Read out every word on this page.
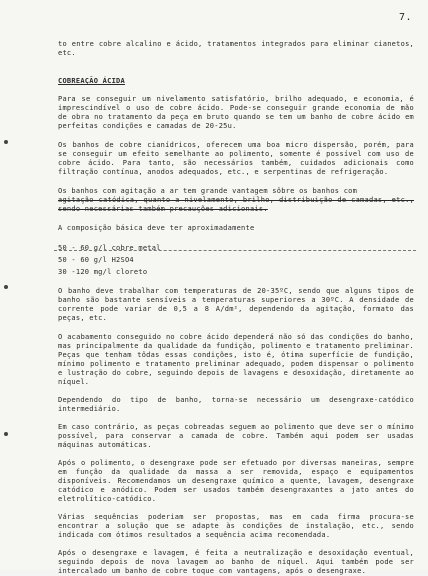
7.

to entre cobre alcalino e ácido, tratamentos integrados para eliminar cianetos, etc.

COBREAÇÃO ÁCIDA

Para se conseguir um nivelamento satisfatório, brilho adequado, e economia, é imprescindível o uso de cobre ácido. Pode-se conseguir grande economia de mão de obra no tratamento da peça em bruto quando se tem um banho de cobre ácido em perfeitas condições e camadas de 20-25u.

Os banhos de cobre cianídricos, oferecem uma boa micro dispersão, porém, para se conseguir um efeito semelhante ao polimento, somente é possível com uso de cobre ácido. Para tanto, são necessários também, cuidados adicionais como filtração contínua, anodos adequados, etc., e serpentinas de refrigeração.

Os banhos com agitação a ar tem grande vantagem sôbre os banhos com

agitação catódica, quanto a nivelamento, brilho, distribuição de camadas, etc., sendo necessárias também precauções adicionais.

A composição básica deve ter aproximadamente

50 - 60 g/l cobre metal

50 - 60 g/l H2SO4

30 -120 mg/l cloreto

O banho deve trabalhar com temperaturas de 20-35ºC, sendo que alguns tipos de banho são bastante sensíveis a temperaturas superiores a 30ºC. A densidade de corrente pode variar de 0,5 a 8 A/dm², dependendo da agitação, formato das peças, etc.

O acabamento conseguido no cobre ácido dependerá não só das condições do banho, mas principalmente da qualidade da fundição, polimento e tratamento preliminar. Peças que tenham tôdas essas condições, isto é, ótima superfície de fundição, mínimo polimento e tratamento preliminar adequado, podem dispensar o polimento e lustração do cobre, seguindo depois de lavagens e desoxidação, diretamente ao níquel.

Dependendo do tipo de banho, torna-se necessário um desengraxe-catódico intermediário.

Em caso contrário, as peças cobreadas seguem ao polimento que deve ser o mínimo possível, para conservar a camada de cobre. Também aqui podem ser usadas máquinas automáticas.

Após o polimento, o desengraxe pode ser efetuado por diversas maneiras, sempre em função da qualidade da massa a ser removida, espaço e equipamentos disponíveis. Recomendamos um desengraxe químico a quente, lavagem, desengraxe catódico e anódico. Podem ser usados também desengraxantes a jato antes do eletrolítico-catódico.

Várias sequências poderiam ser propostas, mas em cada firma procura-se encontrar a solução que se adapte às condições de instalação, etc., sendo indicada com ótimos resultados a sequência acima recomendada.

Após o desengraxe e lavagem, é feita a neutralização e desoxidação eventual, seguindo depois de nova lavagem ao banho de níquel. Aqui também pode ser intercalado um banho de cobre toque com vantagens, após o desengraxe.
